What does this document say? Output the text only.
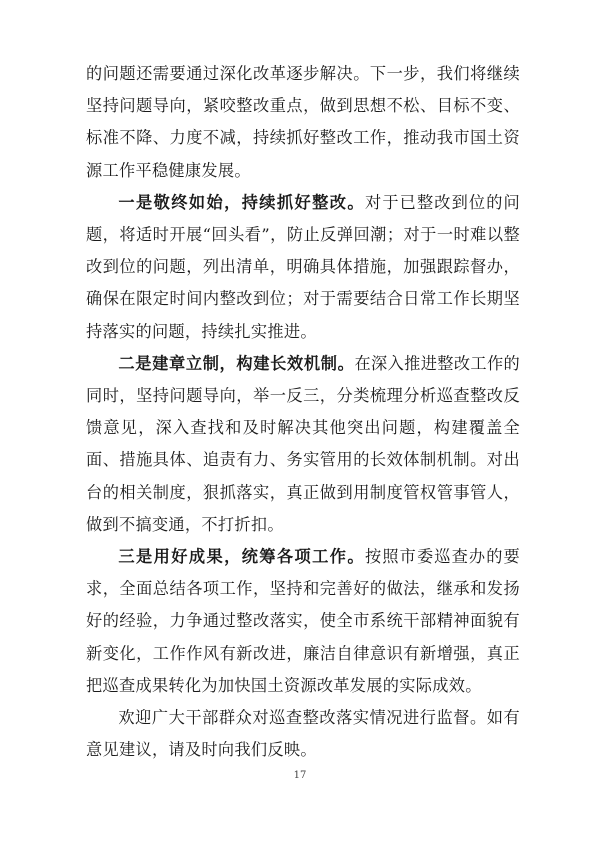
的问题还需要通过深化改革逐步解决。下一步，我们将继续坚持问题导向，紧咬整改重点，做到思想不松、目标不变、标准不降、力度不减，持续抓好整改工作，推动我市国土资源工作平稳健康发展。

一是敬终如始，持续抓好整改。对于已整改到位的问题，将适时开展“回头看”，防止反弹回潮；对于一时难以整改到位的问题，列出清单，明确具体措施，加强跟踪督办，确保在限定时间内整改到位；对于需要结合日常工作长期坚持落实的问题，持续扎实推进。

二是建章立制，构建长效机制。在深入推进整改工作的同时，坚持问题导向，举一反三，分类梳理分析巡查整改反馈意见，深入查找和及时解决其他突出问题，构建覆盖全面、措施具体、追责有力、务实管用的长效体制机制。对出台的相关制度，狠抓落实，真正做到用制度管权管事管人，做到不搞变通，不打折扣。

三是用好成果，统筹各项工作。按照市委巡查办的要求，全面总结各项工作，坚持和完善好的做法，继承和发扬好的经验，力争通过整改落实，使全市系统干部精神面貌有新变化，工作作风有新改进，廉洁自律意识有新增强，真正把巡查成果转化为加快国土资源改革发展的实际成效。

欢迎广大干部群众对巡查整改落实情况进行监督。如有意见建议，请及时向我们反映。

17
